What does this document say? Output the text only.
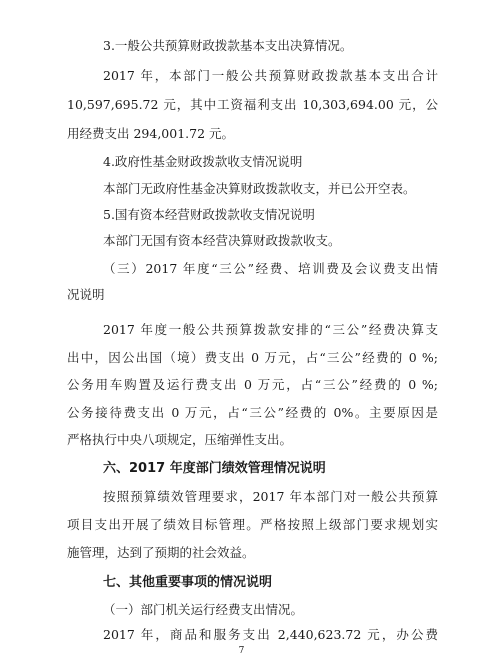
3.一般公共预算财政拨款基本支出决算情况。

2017 年，本部门一般公共预算财政拨款基本支出合计

10,597,695.72 元，其中工资福利支出 10,303,694.00 元，公

用经费支出 294,001.72 元。

4.政府性基金财政拨款收支情况说明

本部门无政府性基金决算财政拨款收支，并已公开空表。

5.国有资本经营财政拨款收支情况说明

本部门无国有资本经营决算财政拨款收支。

（三）2017 年度“三公”经费、培训费及会议费支出情

况说明

2017 年度一般公共预算拨款安排的“三公”经费决算支

出中，因公出国（境）费支出 0 万元，占“三公”经费的 0 %;

公务用车购置及运行费支出 0 万元，占“三公”经费的 0 %;

公务接待费支出 0 万元，占“三公”经费的 0%。主要原因是

严格执行中央八项规定，压缩弹性支出。

六、2017 年度部门绩效管理情况说明

按照预算绩效管理要求，2017 年本部门对一般公共预算

项目支出开展了绩效目标管理。严格按照上级部门要求规划实

施管理，达到了预期的社会效益。

七、其他重要事项的情况说明

（一）部门机关运行经费支出情况。

2017 年，商品和服务支出 2,440,623.72 元，办公费

7
